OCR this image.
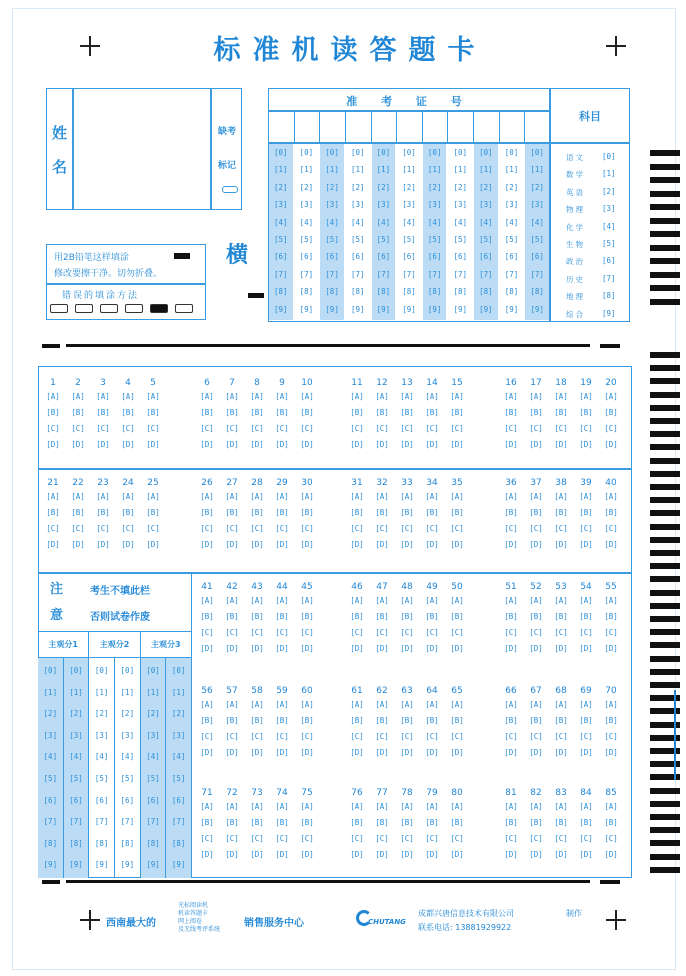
标准机读答题卡
姓
名
缺考
标记
用2B铅笔这样填涂
修改要擦干净。切勿折叠。
错误的填涂方法
横
准 考 证 号
[0]
[1]
[2]
[3]
[4]
[5]
[6]
[7]
[8]
[9]
[0]
[1]
[2]
[3]
[4]
[5]
[6]
[7]
[8]
[9]
[0]
[1]
[2]
[3]
[4]
[5]
[6]
[7]
[8]
[9]
[0]
[1]
[2]
[3]
[4]
[5]
[6]
[7]
[8]
[9]
[0]
[1]
[2]
[3]
[4]
[5]
[6]
[7]
[8]
[9]
[0]
[1]
[2]
[3]
[4]
[5]
[6]
[7]
[8]
[9]
[0]
[1]
[2]
[3]
[4]
[5]
[6]
[7]
[8]
[9]
[0]
[1]
[2]
[3]
[4]
[5]
[6]
[7]
[8]
[9]
[0]
[1]
[2]
[3]
[4]
[5]
[6]
[7]
[8]
[9]
[0]
[1]
[2]
[3]
[4]
[5]
[6]
[7]
[8]
[9]
[0]
[1]
[2]
[3]
[4]
[5]
[6]
[7]
[8]
[9]
科目
语文 [0]
数学 [1]
英语 [2]
物理 [3]
化学 [4]
生物 [5]
政治 [6]
历史 [7]
地理 [8]
综合 [9]
1
[A]
[B]
[C]
[D]
2
[A]
[B]
[C]
[D]
3
[A]
[B]
[C]
[D]
4
[A]
[B]
[C]
[D]
5
[A]
[B]
[C]
[D]
6
[A]
[B]
[C]
[D]
7
[A]
[B]
[C]
[D]
8
[A]
[B]
[C]
[D]
9
[A]
[B]
[C]
[D]
10
[A]
[B]
[C]
[D]
11
[A]
[B]
[C]
[D]
12
[A]
[B]
[C]
[D]
13
[A]
[B]
[C]
[D]
14
[A]
[B]
[C]
[D]
15
[A]
[B]
[C]
[D]
16
[A]
[B]
[C]
[D]
17
[A]
[B]
[C]
[D]
18
[A]
[B]
[C]
[D]
19
[A]
[B]
[C]
[D]
20
[A]
[B]
[C]
[D]
21
[A]
[B]
[C]
[D]
22
[A]
[B]
[C]
[D]
23
[A]
[B]
[C]
[D]
24
[A]
[B]
[C]
[D]
25
[A]
[B]
[C]
[D]
26
[A]
[B]
[C]
[D]
27
[A]
[B]
[C]
[D]
28
[A]
[B]
[C]
[D]
29
[A]
[B]
[C]
[D]
30
[A]
[B]
[C]
[D]
31
[A]
[B]
[C]
[D]
32
[A]
[B]
[C]
[D]
33
[A]
[B]
[C]
[D]
34
[A]
[B]
[C]
[D]
35
[A]
[B]
[C]
[D]
36
[A]
[B]
[C]
[D]
37
[A]
[B]
[C]
[D]
38
[A]
[B]
[C]
[D]
39
[A]
[B]
[C]
[D]
40
[A]
[B]
[C]
[D]
41
[A]
[B]
[C]
[D]
42
[A]
[B]
[C]
[D]
43
[A]
[B]
[C]
[D]
44
[A]
[B]
[C]
[D]
45
[A]
[B]
[C]
[D]
46
[A]
[B]
[C]
[D]
47
[A]
[B]
[C]
[D]
48
[A]
[B]
[C]
[D]
49
[A]
[B]
[C]
[D]
50
[A]
[B]
[C]
[D]
51
[A]
[B]
[C]
[D]
52
[A]
[B]
[C]
[D]
53
[A]
[B]
[C]
[D]
54
[A]
[B]
[C]
[D]
55
[A]
[B]
[C]
[D]
56
[A]
[B]
[C]
[D]
57
[A]
[B]
[C]
[D]
58
[A]
[B]
[C]
[D]
59
[A]
[B]
[C]
[D]
60
[A]
[B]
[C]
[D]
61
[A]
[B]
[C]
[D]
62
[A]
[B]
[C]
[D]
63
[A]
[B]
[C]
[D]
64
[A]
[B]
[C]
[D]
65
[A]
[B]
[C]
[D]
66
[A]
[B]
[C]
[D]
67
[A]
[B]
[C]
[D]
68
[A]
[B]
[C]
[D]
69
[A]
[B]
[C]
[D]
70
[A]
[B]
[C]
[D]
71
[A]
[B]
[C]
[D]
72
[A]
[B]
[C]
[D]
73
[A]
[B]
[C]
[D]
74
[A]
[B]
[C]
[D]
75
[A]
[B]
[C]
[D]
76
[A]
[B]
[C]
[D]
77
[A]
[B]
[C]
[D]
78
[A]
[B]
[C]
[D]
79
[A]
[B]
[C]
[D]
80
[A]
[B]
[C]
[D]
81
[A]
[B]
[C]
[D]
82
[A]
[B]
[C]
[D]
83
[A]
[B]
[C]
[D]
84
[A]
[B]
[C]
[D]
85
[A]
[B]
[C]
[D]
注
意
考生不填此栏
否则试卷作废
主观分1
[0]
[1]
[2]
[3]
[4]
[5]
[6]
[7]
[8]
[9]
[0]
[1]
[2]
[3]
[4]
[5]
[6]
[7]
[8]
[9]
主观分2
[0]
[1]
[2]
[3]
[4]
[5]
[6]
[7]
[8]
[9]
[0]
[1]
[2]
[3]
[4]
[5]
[6]
[7]
[8]
[9]
主观分3
[0]
[1]
[2]
[3]
[4]
[5]
[6]
[7]
[8]
[9]
[0]
[1]
[2]
[3]
[4]
[5]
[6]
[7]
[8]
[9]
西南最大的
光标阅读机
机读答题卡
网上阅卷
及无线考评系统
销售服务中心	CHUTANG
成都兴唐信息技术有限公司	制作
联系电话: 13881929922
